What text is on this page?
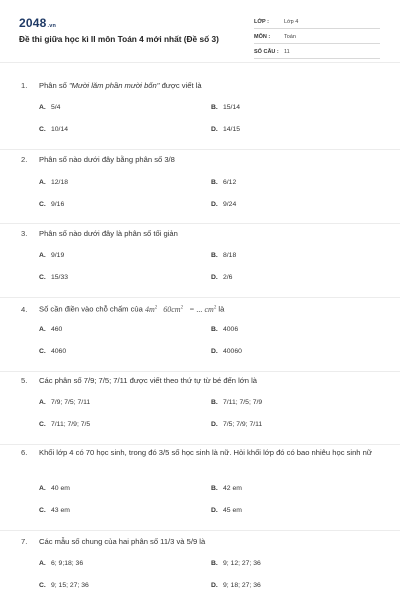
2048.vn
Đề thi giữa học kì II môn Toán 4 mới nhất (Đề số 3)
LỚP :	Lớp 4
MÔN :	Toán
SỐ CÂU : 11
1. Phân số "Mười lăm phần mười bốn" được viết là
A. 5/4	B. 15/14
C. 10/14	D. 14/15
2. Phân số nào dưới đây bằng phân số 3/8
A. 12/18	B. 6/12
C. 9/16	D. 9/24
3. Phân số nào dưới đây là phân số tối giản
A. 9/19	B. 8/18
C. 15/33	D. 2/6
4. Số cần điền vào chỗ chấm của $4m^2$ $60cm^2$ = ... $cm^2$ là
A. 460	B. 4006
C. 4060	D. 40060
5. Các phân số 7/9; 7/5; 7/11 được viết theo thứ tự từ bé đến lớn là
A. 7/9; 7/5; 7/11	B. 7/11; 7/5; 7/9
C. 7/11; 7/9; 7/5	D. 7/5; 7/9; 7/11
6. Khối lớp 4 có 70 học sinh, trong đó 3/5 số học sinh là nữ. Hỏi khối lớp đó có bao nhiêu học sinh nữ
A. 40 em	B. 42 em
C. 43 em	D. 45 em
7. Các mẫu số chung của hai phân số 11/3 và 5/9 là
A. 6; 9;18; 36	B. 9; 12; 27; 36
C. 9; 15; 27; 36	D. 9; 18; 27; 36
